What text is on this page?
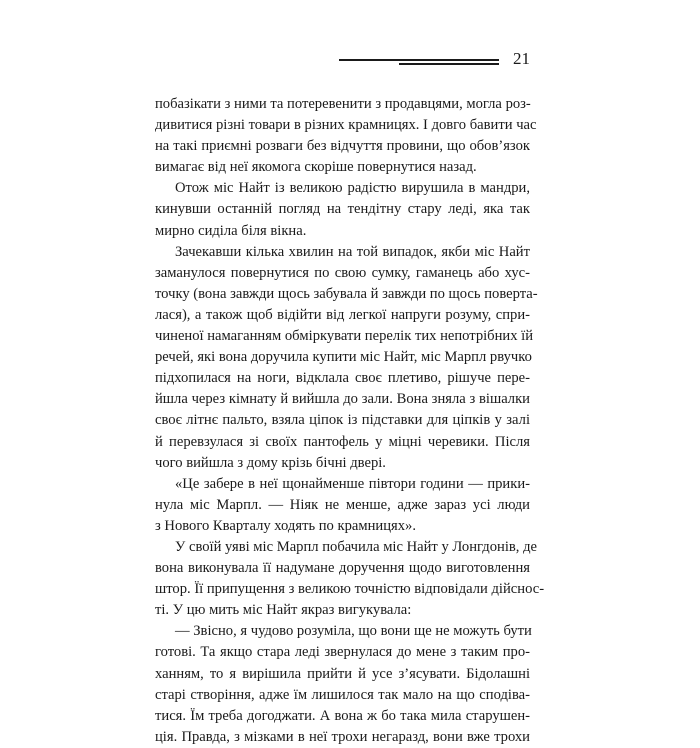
21
побазікати з ними та потеревенити з продавцями, могла роз-
дивитися різні товари в різних крамницях. І довго бавити час
на такі приємні розваги без відчуття провини, що обов’язок
вимагає від неї якомога скоріше повернутися назад.
Отож міс Найт із великою радістю вирушила в мандри,
кинувши останній погляд на тендітну стару леді, яка так
мирно сиділа біля вікна.
Зачекавши кілька хвилин на той випадок, якби міс Найт
заманулося повернутися по свою сумку, гаманець або хус-
точку (вона завжди щось забувала й завжди по щось поверта-
лася), а також щоб відійти від легкої напруги розуму, спри-
чиненої намаганням обміркувати перелік тих непотрібних їй
речей, які вона доручила купити міс Найт, міс Марпл рвучко
підхопилася на ноги, відклала своє плетиво, рішуче пере-
йшла через кімнату й вийшла до зали. Вона зняла з вішалки
своє літнє пальто, взяла ціпок із підставки для ціпків у залі
й перевзулася зі своїх пантофель у міцні черевики. Після
чого вийшла з дому крізь бічні двері.
«Це забере в неї щонайменше півтори години — прики-
нула міс Марпл. — Ніяк не менше, адже зараз усі люди
з Нового Кварталу ходять по крамницях».
У своїй уяві міс Марпл побачила міс Найт у Лонгдонів, де
вона виконувала її надумане доручення щодо виготовлення
штор. Її припущення з великою точністю відповідали дійснос-
ті. У цю мить міс Найт якраз вигукувала:
— Звісно, я чудово розуміла, що вони ще не можуть бути
готові. Та якщо стара леді звернулася до мене з таким про-
ханням, то я вирішила прийти й усе з’ясувати. Бідолашні
старі створіння, адже їм лишилося так мало на що сподіва-
тися. Їм треба догоджати. А вона ж бо така мила старушен-
ція. Правда, з мізками в неї трохи негаразд, вони вже трохи
